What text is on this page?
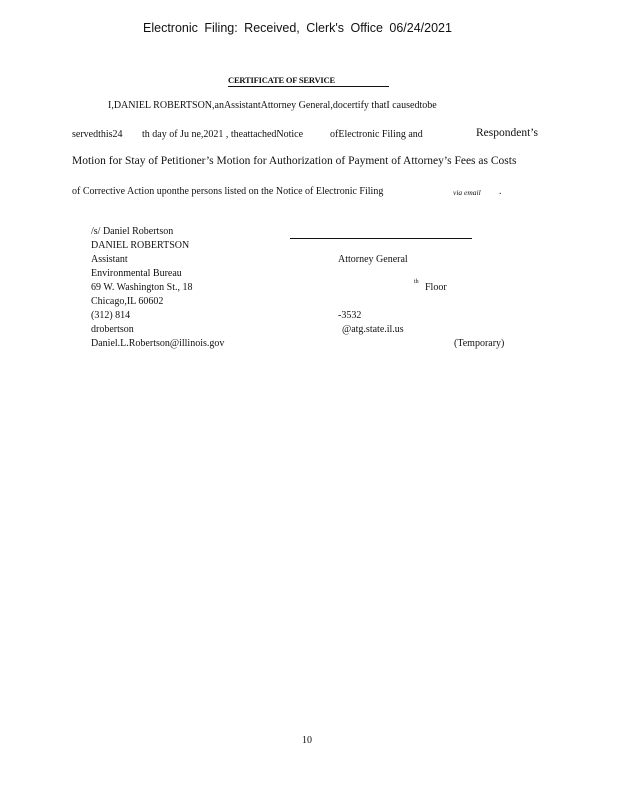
Electronic Filing: Received, Clerk's Office 06/24/2021
CERTIFICATE OF SERVICE
I,DANIEL ROBERTSON,anAssistantAttorney General,docertify thatI causedtobe
servedthis24 th day of Ju ne,2021 , theattachedNotice	ofElectronic Filing and	Respondent’s
Motion for Stay of Petitioner’s Motion for Authorization of Payment of Attorney’s Fees as Costs
of Corrective Action uponthe persons listed on the Notice of Electronic Filing	via email .
/s/ Daniel Robertson
DANIEL ROBERTSON
Assistant	Attorney General
Environmental Bureau
69 W. Washington St., 18	th Floor
Chicago,IL 60602
(312) 814	-3532
drobertson	@atg.state.il.us
Daniel.L.Robertson@illinois.gov	(Temporary)
10
